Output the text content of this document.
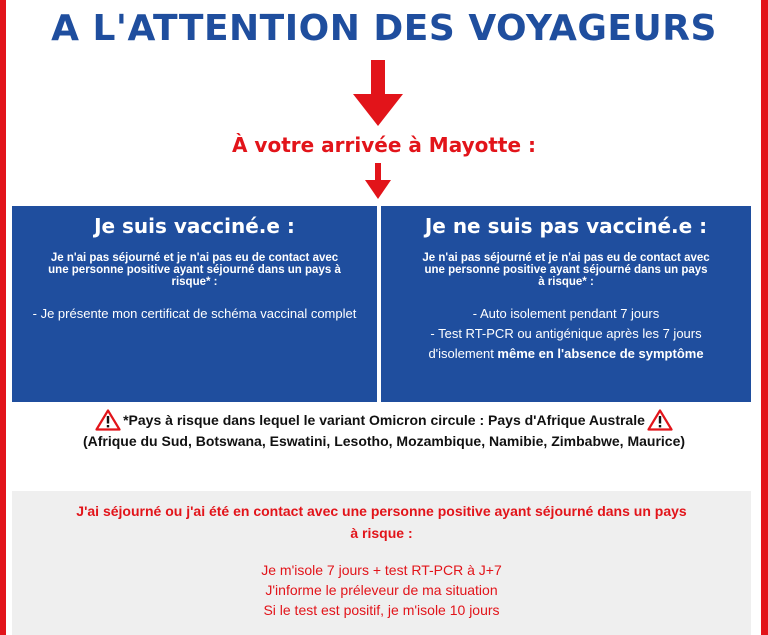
A L'ATTENTION DES VOYAGEURS
À votre arrivée à Mayotte :
Je suis vacciné.e :
Je n'ai pas séjourné et je n'ai pas eu de contact avec une personne positive ayant séjourné dans un pays à risque* :
- Je présente mon certificat de schéma vaccinal complet
Je ne suis pas vacciné.e :
Je n'ai pas séjourné et je n'ai pas eu de contact avec une personne positive ayant séjourné dans un pays à risque* :
- Auto isolement pendant 7 jours
- Test RT-PCR ou antigénique après les 7 jours
d'isolement même en l'absence de symptôme
*Pays à risque dans lequel le variant Omicron circule : Pays d'Afrique Australe
(Afrique du Sud, Botswana, Eswatini, Lesotho, Mozambique, Namibie, Zimbabwe, Maurice)
J'ai séjourné ou j'ai été en contact avec une personne positive ayant séjourné dans un pays à risque :
Je m'isole 7 jours + test RT-PCR à J+7
J'informe le préleveur de ma situation
Si le test est positif, je m'isole 10 jours
